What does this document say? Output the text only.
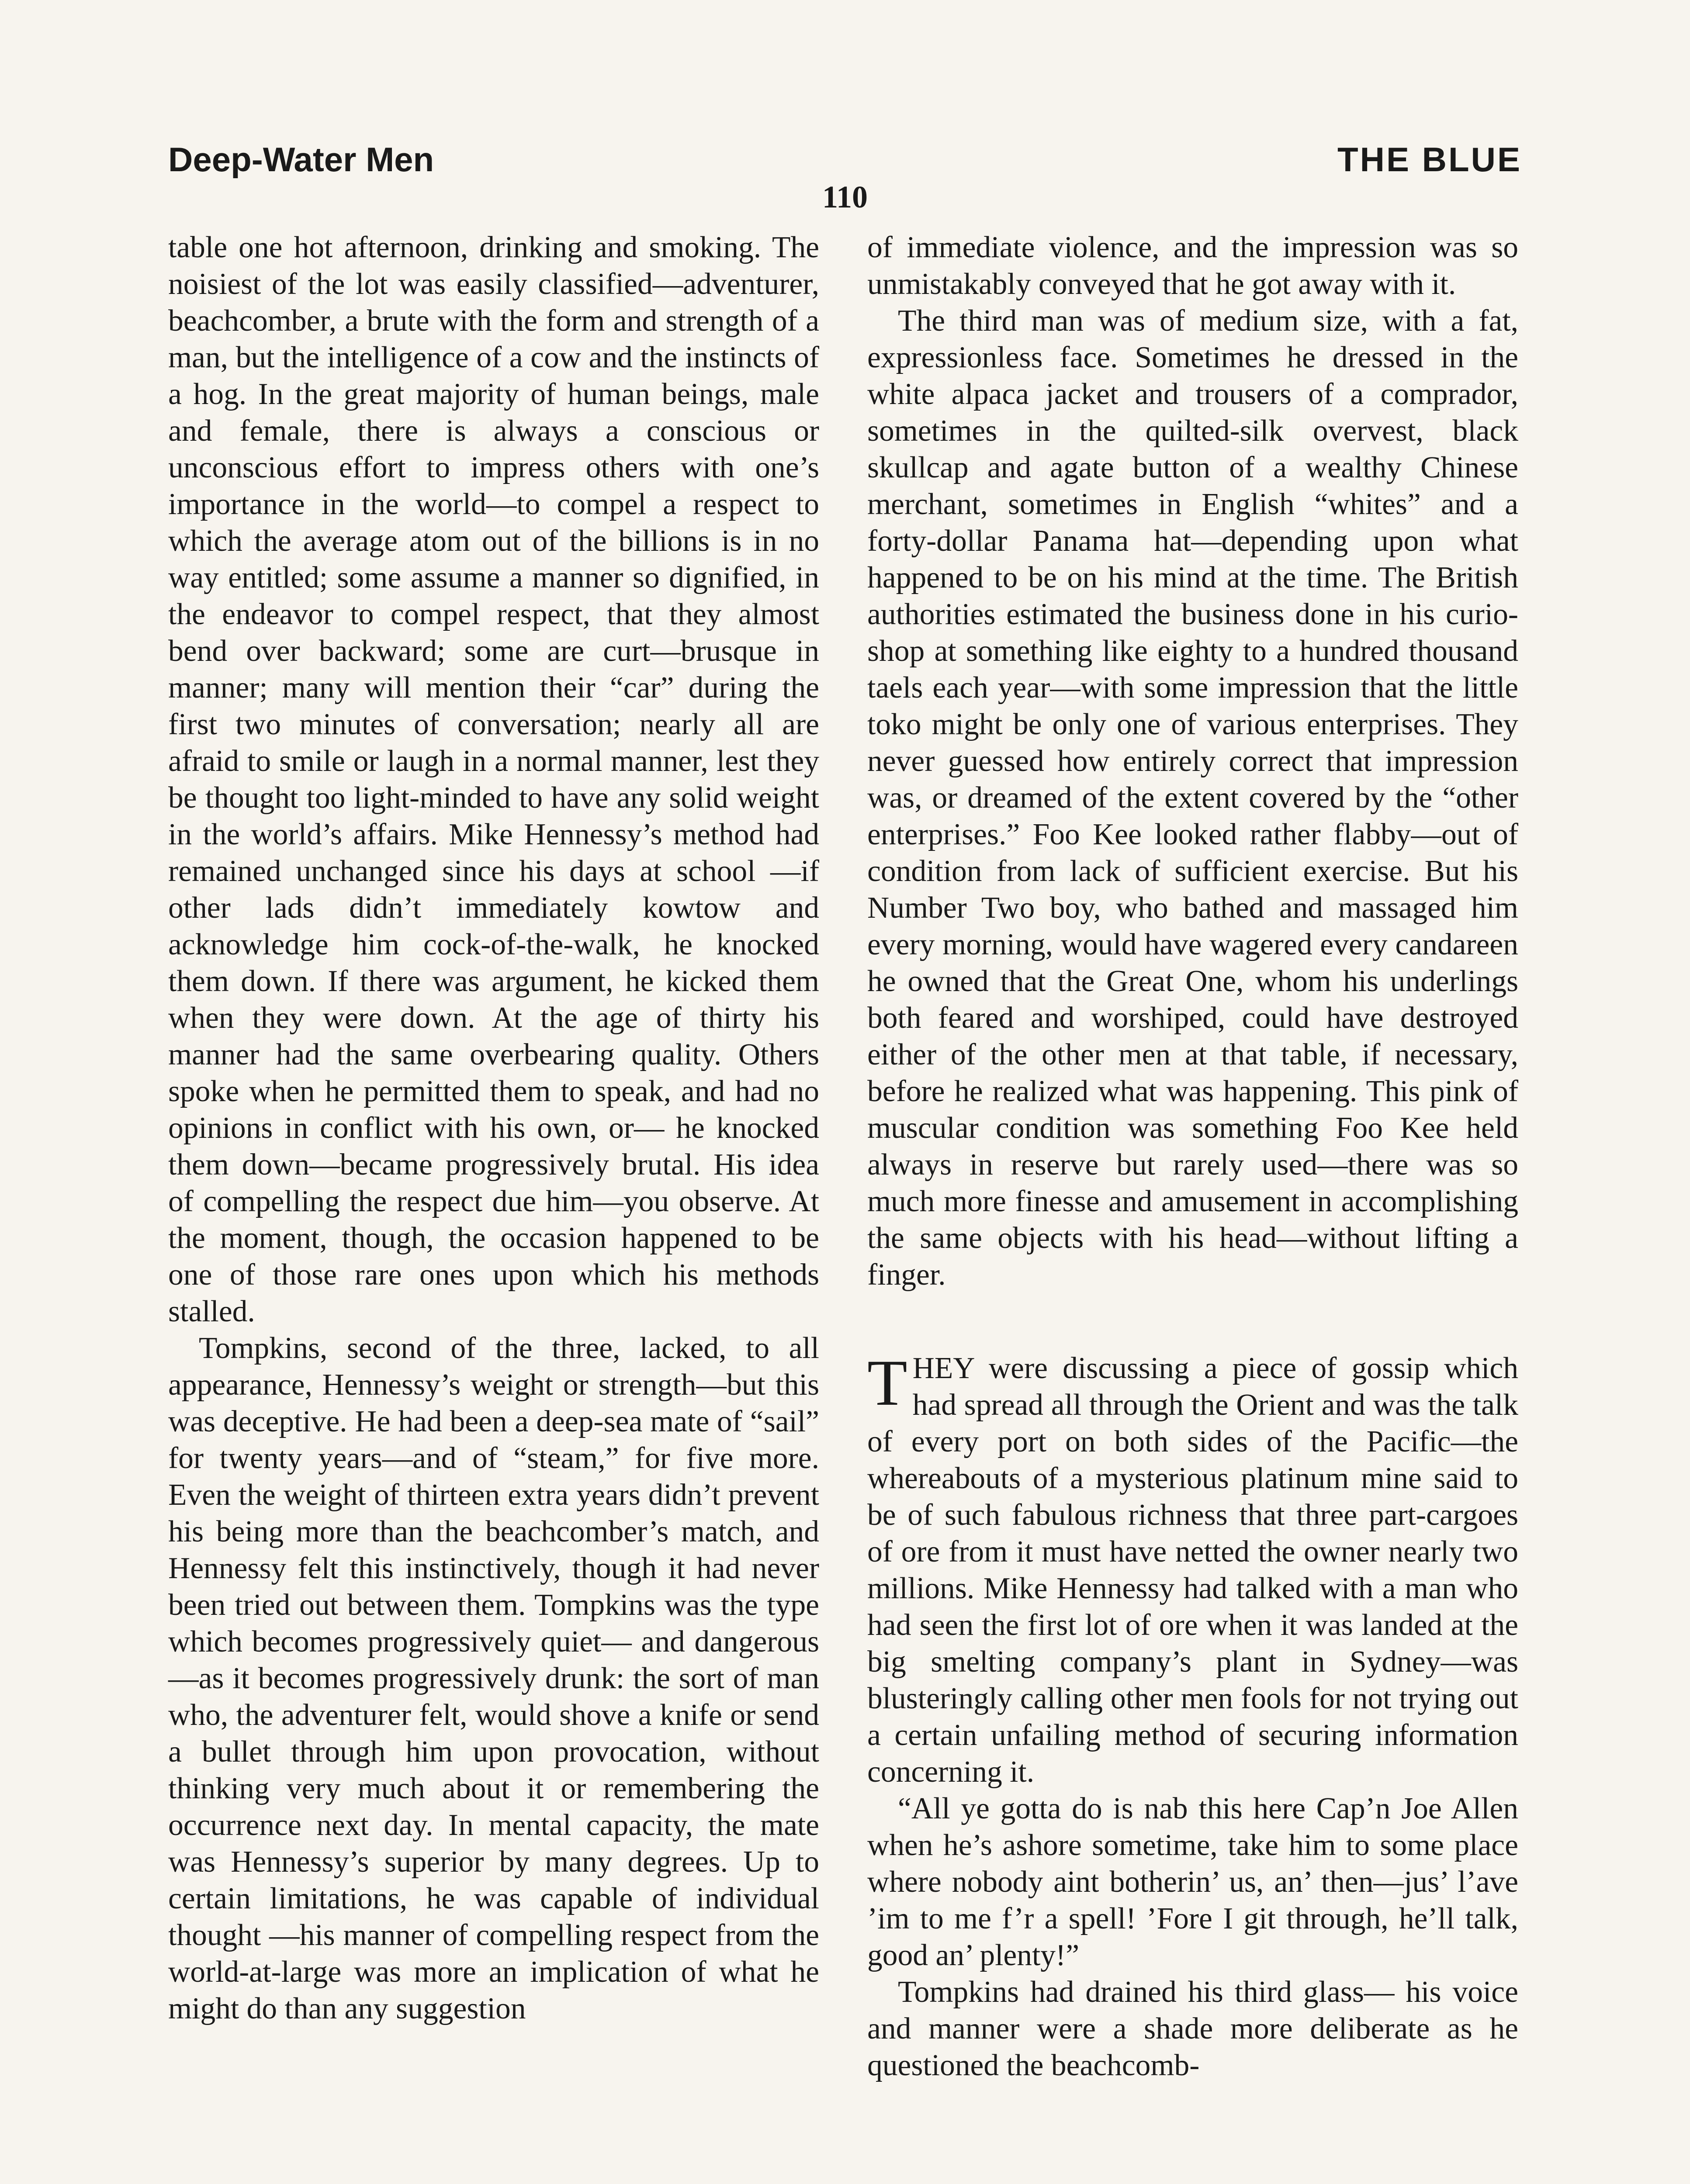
Deep-Water Men	THE BLUE
110

table one hot afternoon, drinking and smoking. The noisiest of the lot was easily classified—adventurer, beachcomber, a brute with the form and strength of a man, but the intelligence of a cow and the instincts of a hog. In the great majority of human beings, male and female, there is always a conscious or unconscious effort to impress others with one’s importance in the world—to compel a respect to which the average atom out of the billions is in no way entitled; some assume a manner so dignified, in the endeavor to compel respect, that they almost bend over backward; some are curt—brusque in manner; many will mention their “car” during the first two minutes of conversation; nearly all are afraid to smile or laugh in a normal manner, lest they be thought too light-minded to have any solid weight in the world’s affairs. Mike Hennessy’s method had remained unchanged since his days at school —if other lads didn’t immediately kowtow and acknowledge him cock-of-the-walk, he knocked them down. If there was argument, he kicked them when they were down. At the age of thirty his manner had the same overbearing quality. Others spoke when he permitted them to speak, and had no opinions in conflict with his own, or— he knocked them down—became progressively brutal. His idea of compelling the respect due him—you observe. At the moment, though, the occasion happened to be one of those rare ones upon which his methods stalled.

Tompkins, second of the three, lacked, to all appearance, Hennessy’s weight or strength—but this was deceptive. He had been a deep-sea mate of “sail” for twenty years—and of “steam,” for five more. Even the weight of thirteen extra years didn’t prevent his being more than the beachcomber’s match, and Hennessy felt this instinctively, though it had never been tried out between them. Tompkins was the type which becomes progressively quiet— and dangerous—as it becomes progressively drunk: the sort of man who, the adventurer felt, would shove a knife or send a bullet through him upon provocation, without thinking very much about it or remembering the occurrence next day. In mental capacity, the mate was Hennessy’s superior by many degrees. Up to certain limitations, he was capable of individual thought —his manner of compelling respect from the world-at-large was more an implication of what he might do than any suggestion

of immediate violence, and the impression was so unmistakably conveyed that he got away with it.

The third man was of medium size, with a fat, expressionless face. Sometimes he dressed in the white alpaca jacket and trousers of a comprador, sometimes in the quilted-silk overvest, black skullcap and agate button of a wealthy Chinese merchant, sometimes in English “whites” and a forty-dollar Panama hat—depending upon what happened to be on his mind at the time. The British authorities estimated the business done in his curio-shop at something like eighty to a hundred thousand taels each year—with some impression that the little toko might be only one of various enterprises. They never guessed how entirely correct that impression was, or dreamed of the extent covered by the “other enterprises.” Foo Kee looked rather flabby—out of condition from lack of sufficient exercise. But his Number Two boy, who bathed and massaged him every morning, would have wagered every candareen he owned that the Great One, whom his underlings both feared and worshiped, could have destroyed either of the other men at that table, if necessary, before he realized what was happening. This pink of muscular condition was something Foo Kee held always in reserve but rarely used—there was so much more finesse and amusement in accomplishing the same objects with his head—without lifting a finger.

THEY were discussing a piece of gossip which had spread all through the Orient and was the talk of every port on both sides of the Pacific—the whereabouts of a mysterious platinum mine said to be of such fabulous richness that three part-cargoes of ore from it must have netted the owner nearly two millions. Mike Hennessy had talked with a man who had seen the first lot of ore when it was landed at the big smelting company’s plant in Sydney—was blusteringly calling other men fools for not trying out a certain unfailing method of securing information concerning it.

“All ye gotta do is nab this here Cap’n Joe Allen when he’s ashore sometime, take him to some place where nobody aint botherin’ us, an’ then—jus’ l’ave ’im to me f’r a spell! ’Fore I git through, he’ll talk, good an’ plenty!”

Tompkins had drained his third glass— his voice and manner were a shade more deliberate as he questioned the beachcomb-
